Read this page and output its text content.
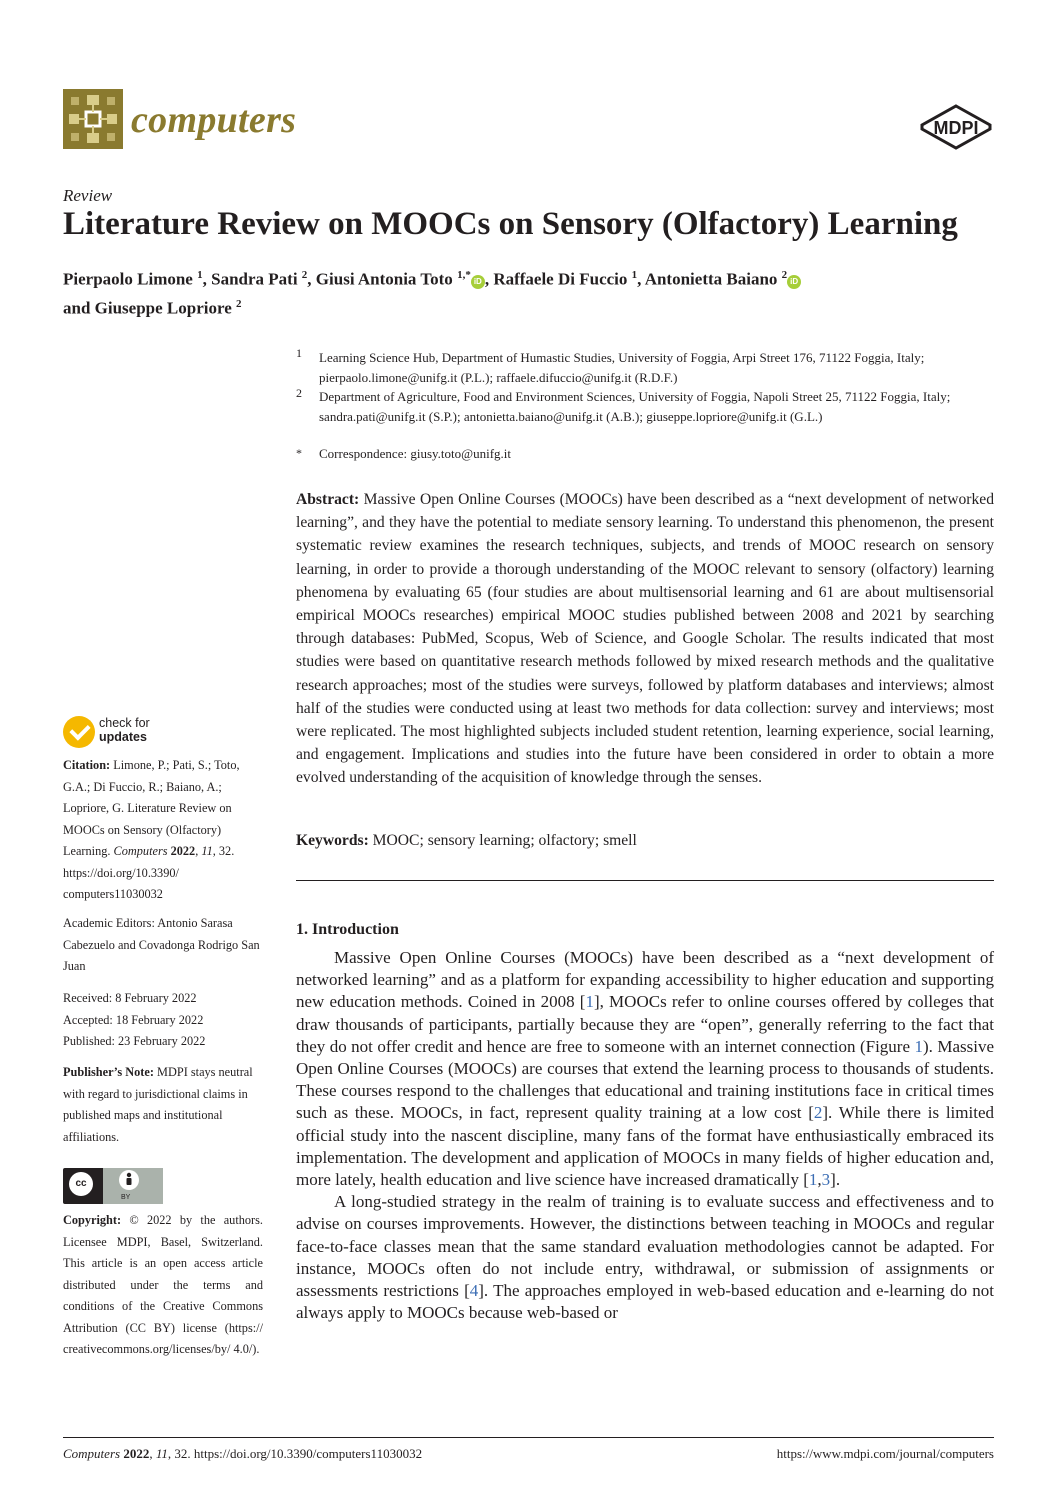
computers	MDPI
Review
Literature Review on MOOCs on Sensory (Olfactory) Learning
Pierpaolo Limone $^1$, Sandra Pati $^2$, Giusi Antonia Toto $^{1,*}$iD , Raffaele Di Fuccio $^1$, Antonietta Baiano $^2$iD
and Giuseppe Lopriore $^2$
1 Learning Science Hub, Department of Humastic Studies, University of Foggia, Arpi Street 176, 71122 Foggia, Italy; pierpaolo.limone@unifg.it (P.L.); raffaele.difuccio@unifg.it (R.D.F.)
2 Department of Agriculture, Food and Environment Sciences, University of Foggia, Napoli Street 25, 71122 Foggia, Italy; sandra.pati@unifg.it (S.P.); antonietta.baiano@unifg.it (A.B.); giuseppe.lopriore@unifg.it (G.L.)
* Correspondence: giusy.toto@unifg.it
Abstract: Massive Open Online Courses (MOOCs) have been described as a “next development of networked learning”, and they have the potential to mediate sensory learning. To understand this phenomenon, the present systematic review examines the research techniques, subjects, and trends of MOOC research on sensory learning, in order to provide a thorough understanding of the MOOC relevant to sensory (olfactory) learning phenomena by evaluating 65 (four studies are about multisensorial learning and 61 are about multisensorial empirical MOOCs researches) empirical MOOC studies published between 2008 and 2021 by searching through databases: PubMed, Scopus, Web of Science, and Google Scholar. The results indicated that most studies were based on quantitative research methods followed by mixed research methods and the qualitative research approaches; most of the studies were surveys, followed by platform databases and interviews; almost half of the studies were conducted using at least two methods for data collection: survey and interviews; most were replicated. The most highlighted subjects included student retention, learning experience, social learning, and engagement. Implications and studies into the future have been considered in order to obtain a more evolved understanding of the acquisition of knowledge through the senses.
Keywords: MOOC; sensory learning; olfactory; smell
1. Introduction

Massive Open Online Courses (MOOCs) have been described as a “next development of networked learning” and as a platform for expanding accessibility to higher education and supporting new education methods. Coined in 2008 [1], MOOCs refer to online courses offered by colleges that draw thousands of participants, partially because they are “open”, generally referring to the fact that they do not offer credit and hence are free to someone with an internet connection (Figure 1). Massive Open Online Courses (MOOCs) are courses that extend the learning process to thousands of students. These courses respond to the challenges that educational and training institutions face in critical times such as these. MOOCs, in fact, represent quality training at a low cost [2]. While there is limited official study into the nascent discipline, many fans of the format have enthusiastically embraced its implementation. The development and application of MOOCs in many fields of higher education and, more lately, health education and live science have increased dramatically [1,3].

A long-studied strategy in the realm of training is to evaluate success and effectiveness and to advise on courses improvements. However, the distinctions between teaching in MOOCs and regular face-to-face classes mean that the same standard evaluation methodologies cannot be adapted. For instance, MOOCs often do not include entry, withdrawal, or submission of assignments or assessments restrictions [4]. The approaches employed in web-based education and e-learning do not always apply to MOOCs because web-based or

check for
updates
Citation: Limone, P.; Pati, S.; Toto, G.A.; Di Fuccio, R.; Baiano, A.; Lopriore, G. Literature Review on MOOCs on Sensory (Olfactory) Learning. Computers 2022, 11, 32. https://doi.org/10.3390/ computers11030032
Academic Editors: Antonio Sarasa Cabezuelo and Covadonga Rodrigo San Juan
Received: 8 February 2022
Accepted: 18 February 2022
Published: 23 February 2022
Publisher’s Note: MDPI stays neutral with regard to jurisdictional claims in published maps and institutional affiliations.
cc
BY
Copyright: © 2022 by the authors. Licensee MDPI, Basel, Switzerland. This article is an open access article distributed under the terms and conditions of the Creative Commons Attribution (CC BY) license (https:// creativecommons.org/licenses/by/ 4.0/).
Computers 2022, 11, 32. https://doi.org/10.3390/computers11030032	https://www.mdpi.com/journal/computers
